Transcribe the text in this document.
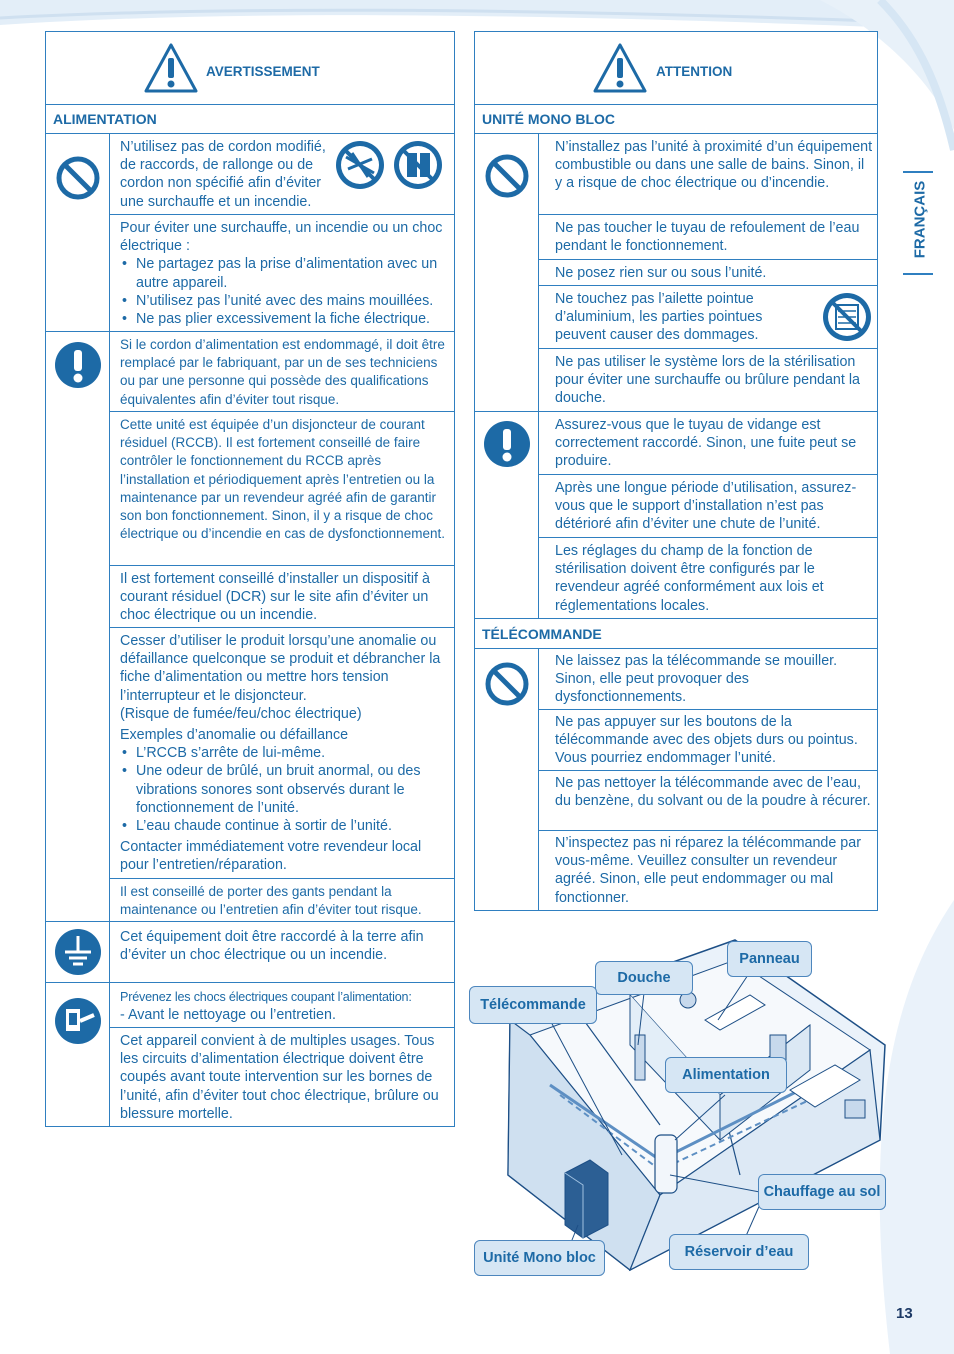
FRANÇAIS
AVERTISSEMENT
ALIMENTATION
N’utilisez pas de cordon modifié, de raccords, de rallonge ou de cordon non spécifié afin d’éviter une surchauffe et un incendie.
Pour éviter une surchauffe, un incendie ou un choc électrique :
• Ne partagez pas la prise d’alimentation avec un autre appareil.
• N’utilisez pas l’unité avec des mains mouillées.
• Ne pas plier excessivement la fiche électrique.
Si le cordon d’alimentation est endommagé, il doit être remplacé par le fabriquant, par un de ses techniciens ou par une personne qui possède des qualifications équivalentes afin d’éviter tout risque.
Cette unité est équipée d’un disjoncteur de courant résiduel (RCCB). Il est fortement conseillé de faire contrôler le fonctionnement du RCCB après l’installation et périodiquement après l’entretien ou la maintenance par un revendeur agréé afin de garantir son bon fonctionnement. Sinon, il y a risque de choc électrique ou d’incendie en cas de dysfonctionnement.
Il est fortement conseillé d’installer un dispositif à courant résiduel (DCR) sur le site afin d’éviter un choc électrique ou un incendie.
Cesser d’utiliser le produit lorsqu’une anomalie ou défaillance quelconque se produit et débrancher la fiche d’alimentation ou mettre hors tension l’interrupteur et le disjoncteur.
(Risque de fumée/feu/choc électrique)
Exemples d’anomalie ou défaillance
• L’RCCB s’arrête de lui-même.
• Une odeur de brûlé, un bruit anormal, ou des vibrations sonores sont observés durant le fonctionnement de l’unité.
• L’eau chaude continue à sortir de l’unité.
Contacter immédiatement votre revendeur local pour l’entretien/réparation.
Il est conseillé de porter des gants pendant la maintenance ou l’entretien afin d’éviter tout risque.
Cet équipement doit être raccordé à la terre afin d’éviter un choc électrique ou un incendie.
Prévenez les chocs électriques coupant l’alimentation:
- Avant le nettoyage ou l’entretien.
Cet appareil convient à de multiples usages. Tous les circuits d’alimentation électrique doivent être coupés avant toute intervention sur les bornes de l’unité, afin d’éviter tout choc électrique, brûlure ou blessure mortelle.
ATTENTION
UNITÉ MONO BLOC
N’installez pas l’unité à proximité d’un équipement combustible ou dans une salle de bains. Sinon, il y a risque de choc électrique ou d’incendie.
Ne pas toucher le tuyau de refoulement de l’eau pendant le fonctionnement.
Ne posez rien sur ou sous l’unité.
Ne touchez pas l’ailette pointue d’aluminium, les parties pointues peuvent causer des dommages.
Ne pas utiliser le système lors de la stérilisation pour éviter une surchauffe ou brûlure pendant la douche.
Assurez-vous que le tuyau de vidange est correctement raccordé. Sinon, une fuite peut se produire.
Après une longue période d’utilisation, assurez-vous que le support d’installation n’est pas détérioré afin d’éviter une chute de l’unité.
Les réglages du champ de la fonction de stérilisation doivent être configurés par le revendeur agréé conformément aux lois et réglementations locales.
TÉLÉCOMMANDE
Ne laissez pas la télécommande se mouiller. Sinon, elle peut provoquer des dysfonctionnements.
Ne pas appuyer sur les boutons de la télécommande avec des objets durs ou pointus. Vous pourriez endommager l’unité.
Ne pas nettoyer la télécommande avec de l’eau, du benzène, du solvant ou de la poudre à récurer.
N’inspectez pas ni réparez la télécommande par vous-même. Veuillez consulter un revendeur agréé. Sinon, elle peut endommager ou mal fonctionner.
Panneau
Douche
Télécommande
Alimentation
Chauffage au sol
Réservoir d’eau
Unité Mono bloc
13
